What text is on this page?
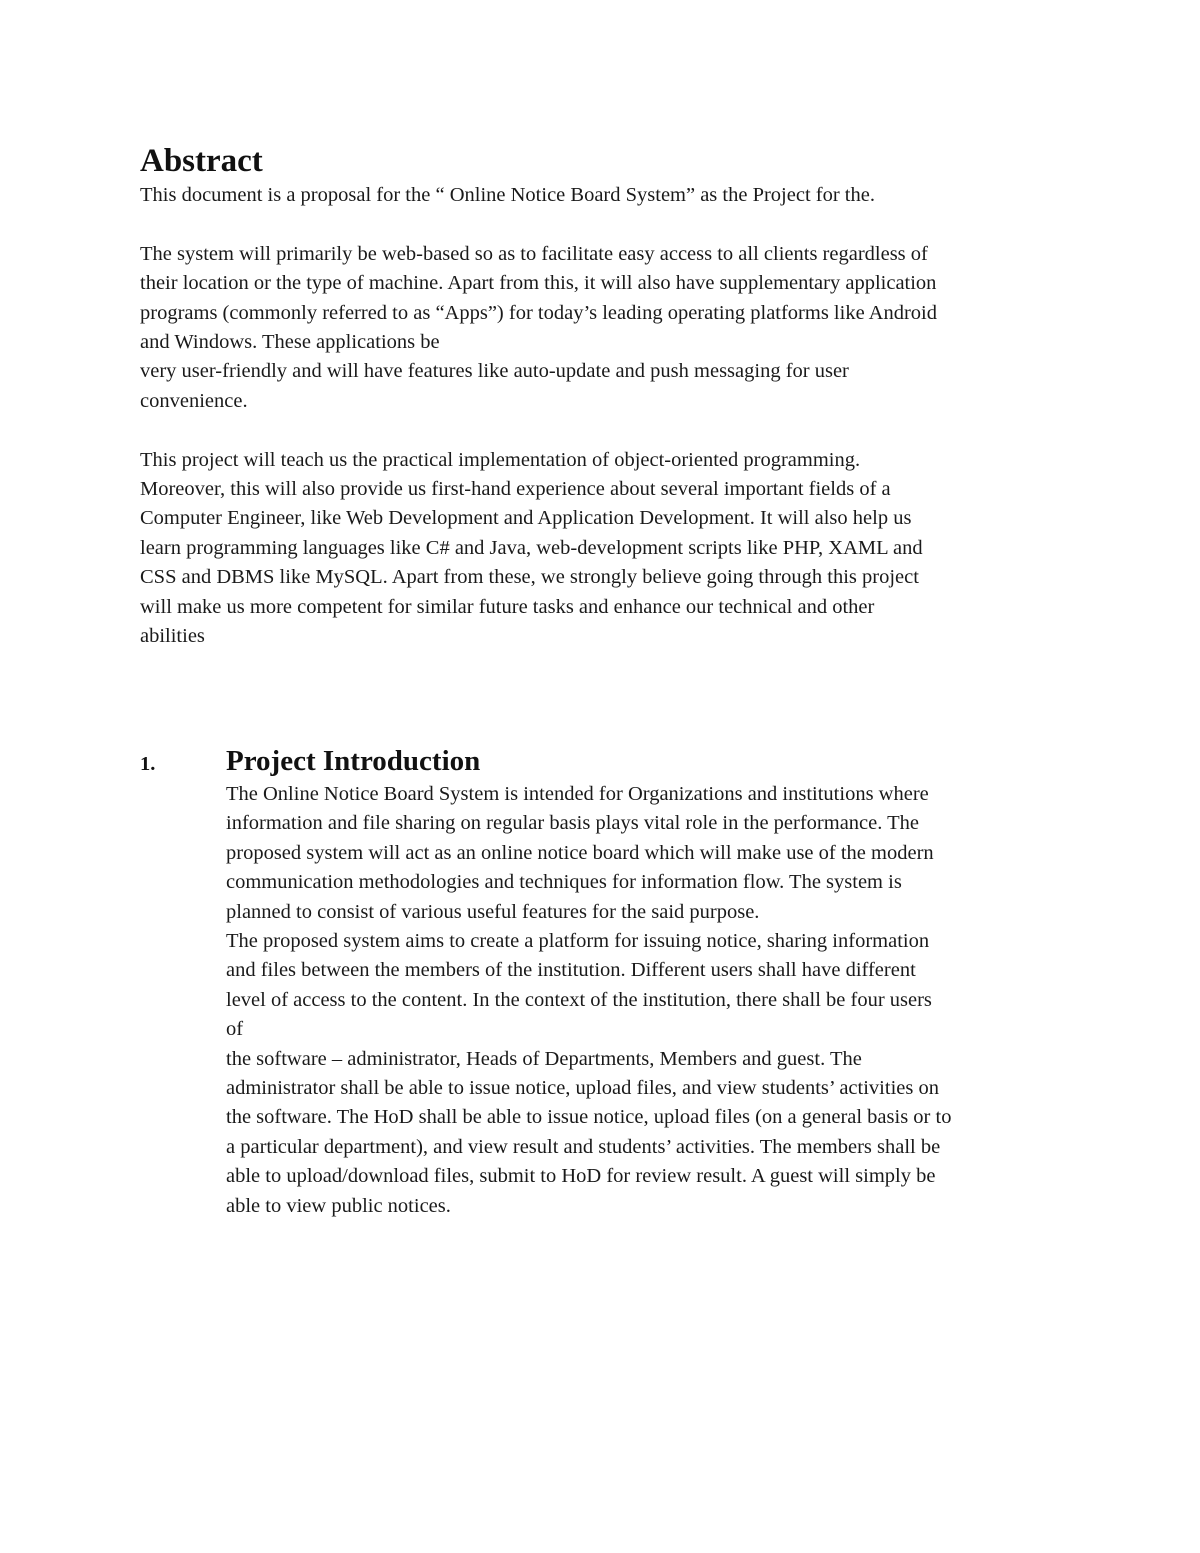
Abstract
This document is a proposal for the “ Online Notice Board System” as the Project for the.
The system will primarily be web-based so as to facilitate easy access to all clients regardless of
their location or the type of machine. Apart from this, it will also have supplementary application
programs (commonly referred to as “Apps”) for today’s leading operating platforms like Android
and Windows. These applications be
very user-friendly and will have features like auto-update and push messaging for user
convenience.
This project will teach us the practical implementation of object-oriented programming.
Moreover, this will also provide us first-hand experience about several important fields of a
Computer Engineer, like Web Development and Application Development. It will also help us
learn programming languages like C# and Java, web-development scripts like PHP, XAML and
CSS and DBMS like MySQL. Apart from these, we strongly believe going through this project
will make us more competent for similar future tasks and enhance our technical and other
abilities
1.	Project Introduction
The Online Notice Board System is intended for Organizations and institutions where
information and file sharing on regular basis plays vital role in the performance. The
proposed system will act as an online notice board which will make use of the modern
communication methodologies and techniques for information flow. The system is
planned to consist of various useful features for the said purpose.
The proposed system aims to create a platform for issuing notice, sharing information
and files between the members of the institution. Different users shall have different
level of access to the content. In the context of the institution, there shall be four users
of
the software – administrator, Heads of Departments, Members and guest. The
administrator shall be able to issue notice, upload files, and view students’ activities on
the software. The HoD shall be able to issue notice, upload files (on a general basis or to
a particular department), and view result and students’ activities. The members shall be
able to upload/download files, submit to HoD for review result. A guest will simply be
able to view public notices.
